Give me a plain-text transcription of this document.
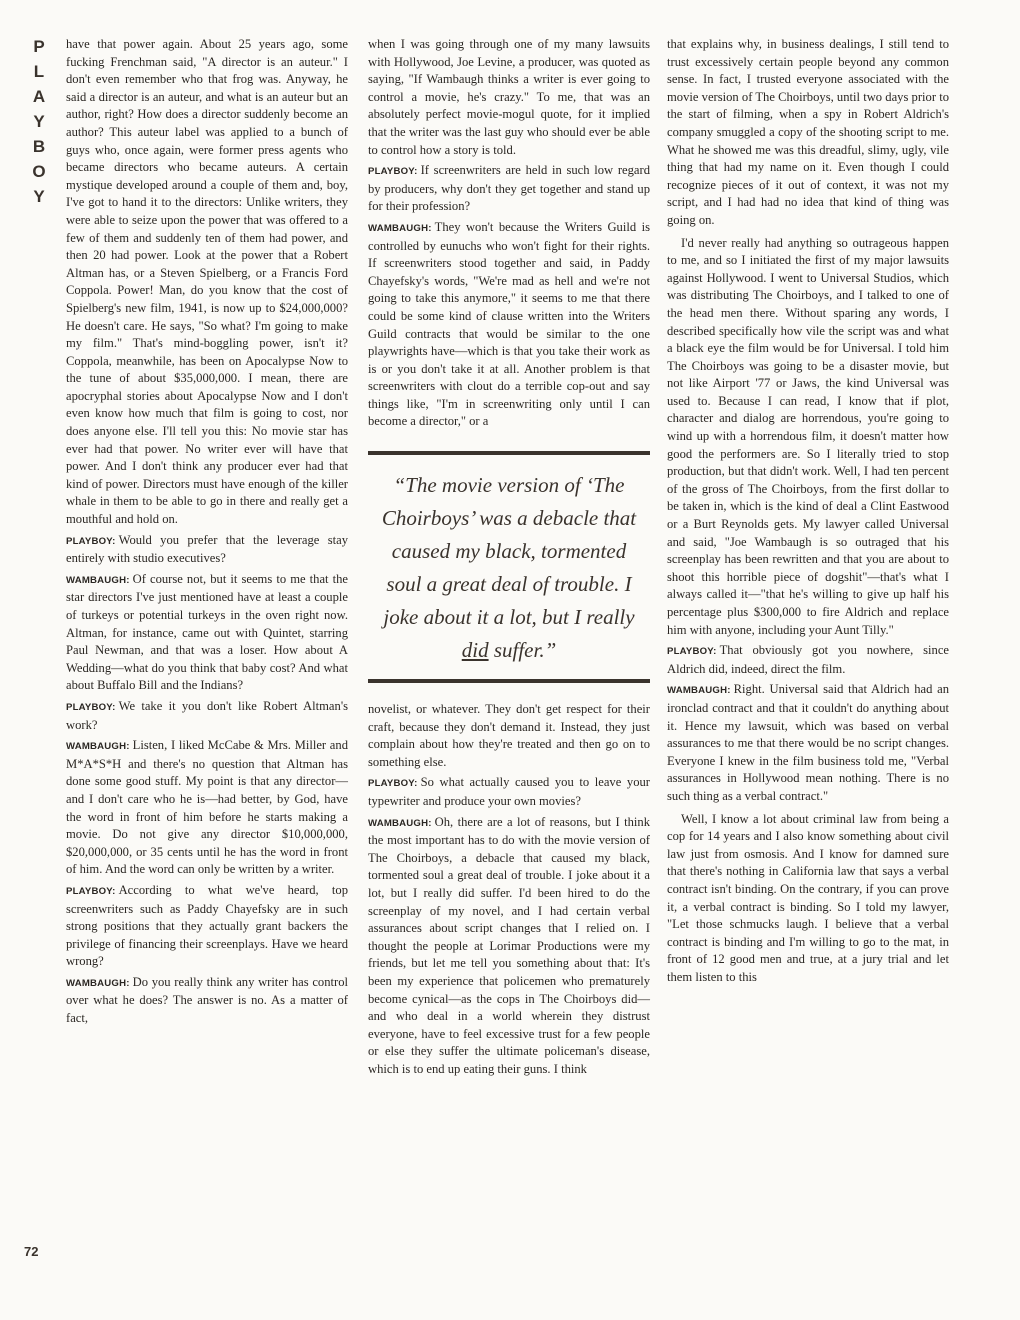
P
L
A
Y
B
O
Y
72

have that power again. About 25 years ago, some fucking Frenchman said, "A director is an auteur." I don't even remember who that frog was. Anyway, he said a director is an auteur, and what is an auteur but an author, right? How does a director suddenly become an author? This auteur label was applied to a bunch of guys who, once again, were former press agents who became directors who became auteurs. A certain mystique developed around a couple of them and, boy, I've got to hand it to the directors: Unlike writers, they were able to seize upon the power that was offered to a few of them and suddenly ten of them had power, and then 20 had power. Look at the power that a Robert Altman has, or a Steven Spielberg, or a Francis Ford Coppola. Power! Man, do you know that the cost of Spielberg's new film, 1941, is now up to $24,000,000? He doesn't care. He says, "So what? I'm going to make my film." That's mind-boggling power, isn't it? Coppola, meanwhile, has been on Apocalypse Now to the tune of about $35,000,000. I mean, there are apocryphal stories about Apocalypse Now and I don't even know how much that film is going to cost, nor does anyone else. I'll tell you this: No movie star has ever had that power. No writer ever will have that power. And I don't think any producer ever had that kind of power. Directors must have enough of the killer whale in them to be able to go in there and really get a mouthful and hold on.

PLAYBOY: Would you prefer that the leverage stay entirely with studio executives?

WAMBAUGH: Of course not, but it seems to me that the star directors I've just mentioned have at least a couple of turkeys or potential turkeys in the oven right now. Altman, for instance, came out with Quintet, starring Paul Newman, and that was a loser. How about A Wedding—what do you think that baby cost? And what about Buffalo Bill and the Indians?

PLAYBOY: We take it you don't like Robert Altman's work?

WAMBAUGH: Listen, I liked McCabe & Mrs. Miller and M*A*S*H and there's no question that Altman has done some good stuff. My point is that any director—and I don't care who he is—had better, by God, have the word in front of him before he starts making a movie. Do not give any director $10,000,000, $20,000,000, or 35 cents until he has the word in front of him. And the word can only be written by a writer.

PLAYBOY: According to what we've heard, top screenwriters such as Paddy Chayefsky are in such strong positions that they actually grant backers the privilege of financing their screenplays. Have we heard wrong?

WAMBAUGH: Do you really think any writer has control over what he does? The answer is no. As a matter of fact,

when I was going through one of my many lawsuits with Hollywood, Joe Levine, a producer, was quoted as saying, "If Wambaugh thinks a writer is ever going to control a movie, he's crazy." To me, that was an absolutely perfect movie-mogul quote, for it implied that the writer was the last guy who should ever be able to control how a story is told.

PLAYBOY: If screenwriters are held in such low regard by producers, why don't they get together and stand up for their profession?

WAMBAUGH: They won't because the Writers Guild is controlled by eunuchs who won't fight for their rights. If screenwriters stood together and said, in Paddy Chayefsky's words, "We're mad as hell and we're not going to take this anymore," it seems to me that there could be some kind of clause written into the Writers Guild contracts that would be similar to the one playwrights have—which is that you take their work as is or you don't take it at all. Another problem is that screenwriters with clout do a terrible cop-out and say things like, "I'm in screenwriting only until I can become a director," or a

“The movie version of ‘The Choirboys’ was a debacle that caused my black, tormented soul a great deal of trouble. I joke about it a lot, but I really did suffer.”

novelist, or whatever. They don't get respect for their craft, because they don't demand it. Instead, they just complain about how they're treated and then go on to something else.

PLAYBOY: So what actually caused you to leave your typewriter and produce your own movies?

WAMBAUGH: Oh, there are a lot of reasons, but I think the most important has to do with the movie version of The Choirboys, a debacle that caused my black, tormented soul a great deal of trouble. I joke about it a lot, but I really did suffer. I'd been hired to do the screenplay of my novel, and I had certain verbal assurances about script changes that I relied on. I thought the people at Lorimar Productions were my friends, but let me tell you something about that: It's been my experience that policemen who prematurely become cynical—as the cops in The Choirboys did—and who deal in a world wherein they distrust everyone, have to feel excessive trust for a few people or else they suffer the ultimate policeman's disease, which is to end up eating their guns. I think

that explains why, in business dealings, I still tend to trust excessively certain people beyond any common sense. In fact, I trusted everyone associated with the movie version of The Choirboys, until two days prior to the start of filming, when a spy in Robert Aldrich's company smuggled a copy of the shooting script to me. What he showed me was this dreadful, slimy, ugly, vile thing that had my name on it. Even though I could recognize pieces of it out of context, it was not my script, and I had had no idea that kind of thing was going on.

I'd never really had anything so outrageous happen to me, and so I initiated the first of my major lawsuits against Hollywood. I went to Universal Studios, which was distributing The Choirboys, and I talked to one of the head men there. Without sparing any words, I described specifically how vile the script was and what a black eye the film would be for Universal. I told him The Choirboys was going to be a disaster movie, but not like Airport '77 or Jaws, the kind Universal was used to. Because I can read, I know that if plot, character and dialog are horrendous, you're going to wind up with a horrendous film, it doesn't matter how good the performers are. So I literally tried to stop production, but that didn't work. Well, I had ten percent of the gross of The Choirboys, from the first dollar to be taken in, which is the kind of deal a Clint Eastwood or a Burt Reynolds gets. My lawyer called Universal and said, "Joe Wambaugh is so outraged that his screenplay has been rewritten and that you are about to shoot this horrible piece of dogshit"—that's what I always called it—"that he's willing to give up half his percentage plus $300,000 to fire Aldrich and replace him with anyone, including your Aunt Tilly."

PLAYBOY: That obviously got you nowhere, since Aldrich did, indeed, direct the film.

WAMBAUGH: Right. Universal said that Aldrich had an ironclad contract and that it couldn't do anything about it. Hence my lawsuit, which was based on verbal assurances to me that there would be no script changes. Everyone I knew in the film business told me, "Verbal assurances in Hollywood mean nothing. There is no such thing as a verbal contract."

Well, I know a lot about criminal law from being a cop for 14 years and I also know something about civil law just from osmosis. And I know for damned sure that there's nothing in California law that says a verbal contract isn't binding. On the contrary, if you can prove it, a verbal contract is binding. So I told my lawyer, "Let those schmucks laugh. I believe that a verbal contract is binding and I'm willing to go to the mat, in front of 12 good men and true, at a jury trial and let them listen to this
